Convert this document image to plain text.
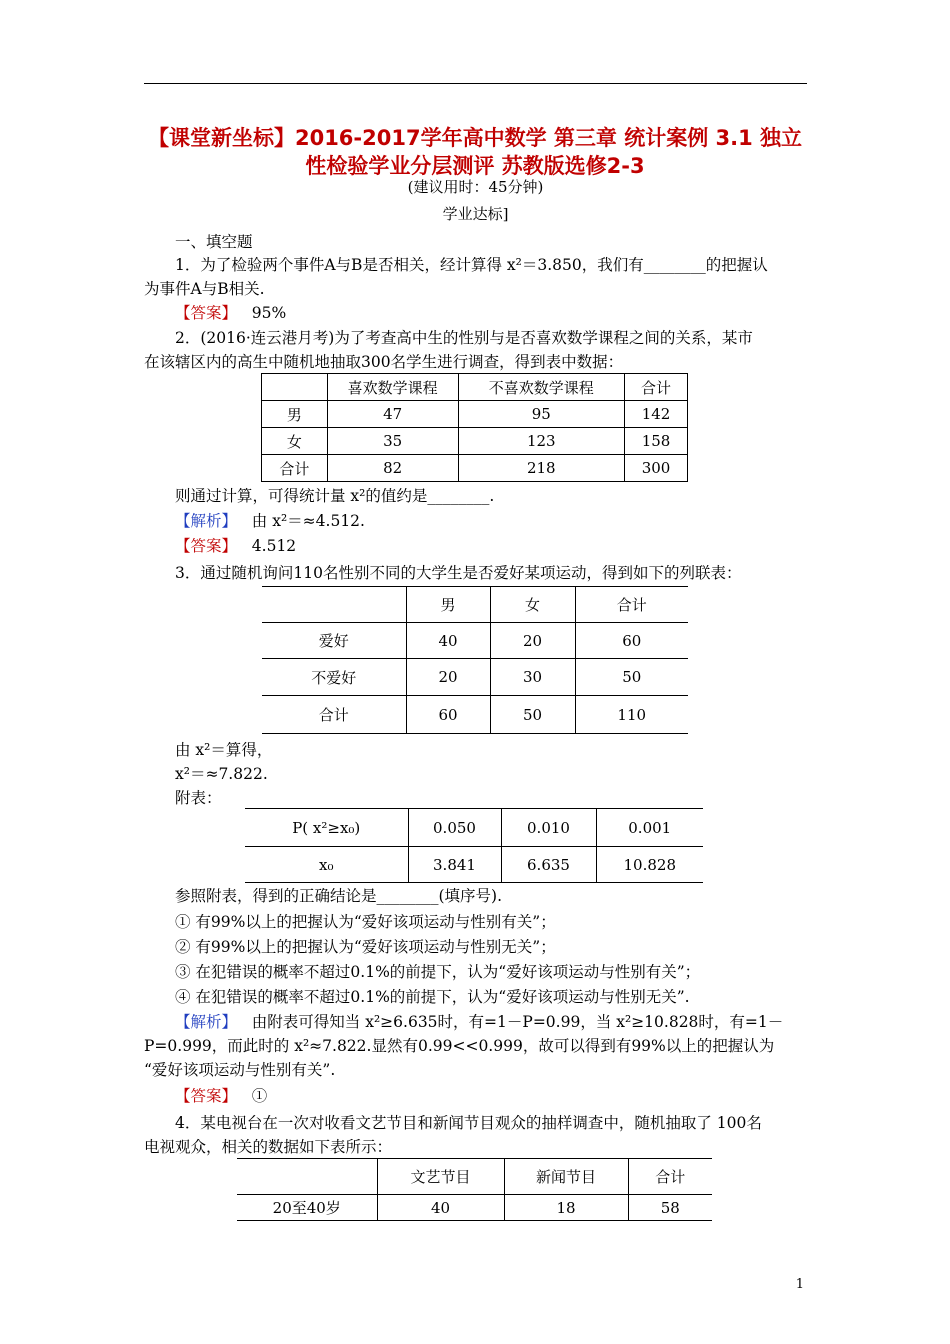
【课堂新坐标】2016-2017学年高中数学 第三章 统计案例 3.1 独立
性检验学业分层测评 苏教版选修2-3
(建议用时：45分钟)
学业达标]
一、填空题
1．为了检验两个事件A与B是否相关，经计算得 x²＝3.850，我们有________的把握认
为事件A与B相关.
【答案】 95%
2．(2016·连云港月考)为了考查高中生的性别与是否喜欢数学课程之间的关系，某市
在该辖区内的高生中随机地抽取300名学生进行调查，得到表中数据：
	喜欢数学课程	不喜欢数学课程	合计
男	47	95	142
女	35	123	158
合计	82	218	300
则通过计算，可得统计量 x²的值约是________.
【解析】 由 x²＝≈4.512.
【答案】 4.512
3．通过随机询问110名性别不同的大学生是否爱好某项运动，得到如下的列联表：
	男	女	合计
爱好	40	20	60
不爱好	20	30	50
合计	60	50	110
由 x²＝算得，
x²＝≈7.822.
附表：
P( x²≥x₀)	0.050	0.010	0.001
x₀	3.841	6.635	10.828
参照附表，得到的正确结论是________(填序号).
① 有99%以上的把握认为“爱好该项运动与性别有关”；
② 有99%以上的把握认为“爱好该项运动与性别无关”；
③ 在犯错误的概率不超过0.1%的前提下，认为“爱好该项运动与性别有关”；
④ 在犯错误的概率不超过0.1%的前提下，认为“爱好该项运动与性别无关”.
【解析】 由附表可得知当 x²≥6.635时，有=1－P=0.99，当 x²≥10.828时，有=1－
P=0.999，而此时的 x²≈7.822.显然有0.99<<0.999，故可以得到有99%以上的把握认为
“爱好该项运动与性别有关”.
【答案】 ①
4．某电视台在一次对收看文艺节目和新闻节目观众的抽样调查中，随机抽取了 100名
电视观众，相关的数据如下表所示：
	文艺节目	新闻节目	合计
20至40岁	40	18	58
1
